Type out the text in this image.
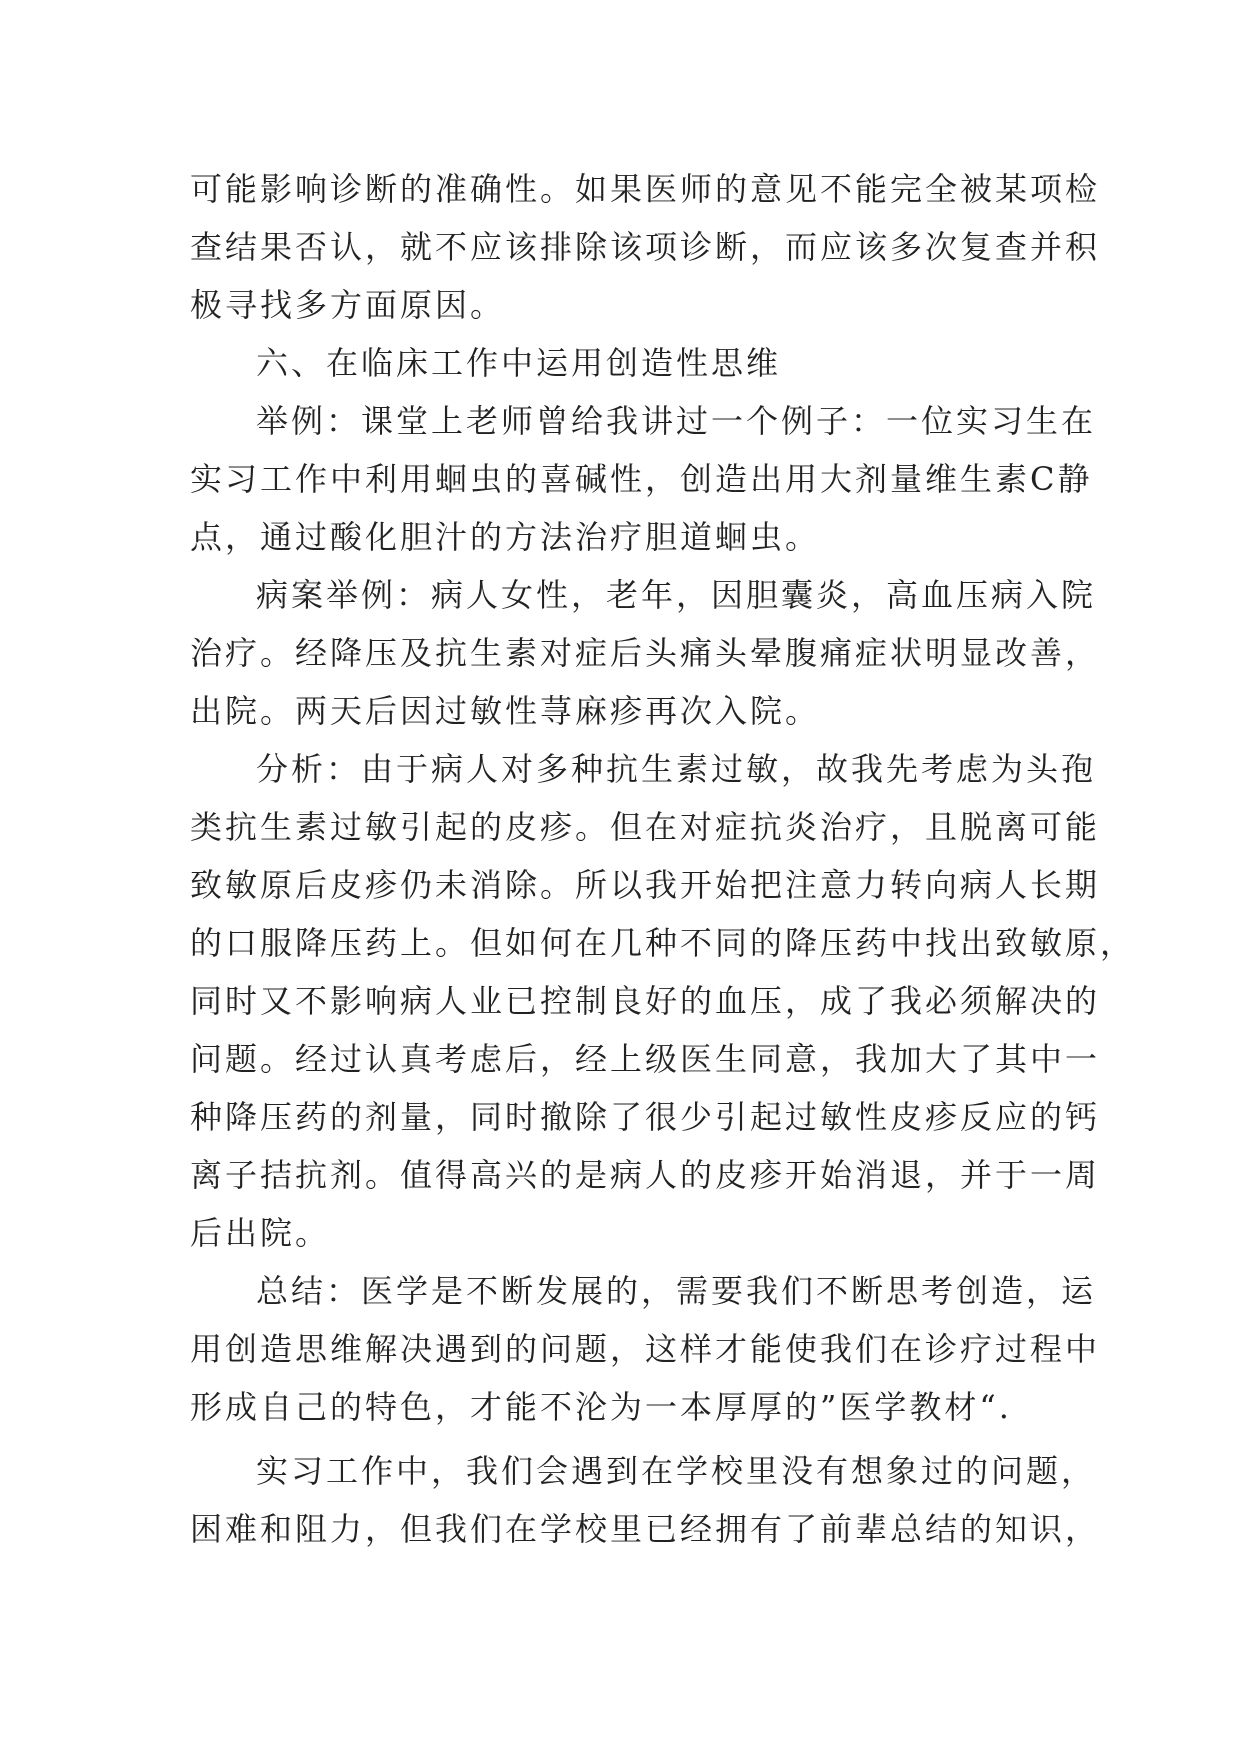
可能影响诊断的准确性。如果医师的意见不能完全被某项检
查结果否认，就不应该排除该项诊断，而应该多次复查并积
极寻找多方面原因。
六、在临床工作中运用创造性思维
举例：课堂上老师曾给我讲过一个例子：一位实习生在
实习工作中利用蛔虫的喜碱性，创造出用大剂量维生素C静
点，通过酸化胆汁的方法治疗胆道蛔虫。
病案举例：病人女性，老年，因胆囊炎，高血压病入院
治疗。经降压及抗生素对症后头痛头晕腹痛症状明显改善，
出院。两天后因过敏性荨麻疹再次入院。
分析：由于病人对多种抗生素过敏，故我先考虑为头孢
类抗生素过敏引起的皮疹。但在对症抗炎治疗，且脱离可能
致敏原后皮疹仍未消除。所以我开始把注意力转向病人长期
的口服降压药上。但如何在几种不同的降压药中找出致敏原，
同时又不影响病人业已控制良好的血压，成了我必须解决的
问题。经过认真考虑后，经上级医生同意，我加大了其中一
种降压药的剂量，同时撤除了很少引起过敏性皮疹反应的钙
离子拮抗剂。值得高兴的是病人的皮疹开始消退，并于一周
后出院。
总结：医学是不断发展的，需要我们不断思考创造，运
用创造思维解决遇到的问题，这样才能使我们在诊疗过程中
形成自己的特色，才能不沦为一本厚厚的”医学教材“.
实习工作中，我们会遇到在学校里没有想象过的问题，
困难和阻力，但我们在学校里已经拥有了前辈总结的知识，
